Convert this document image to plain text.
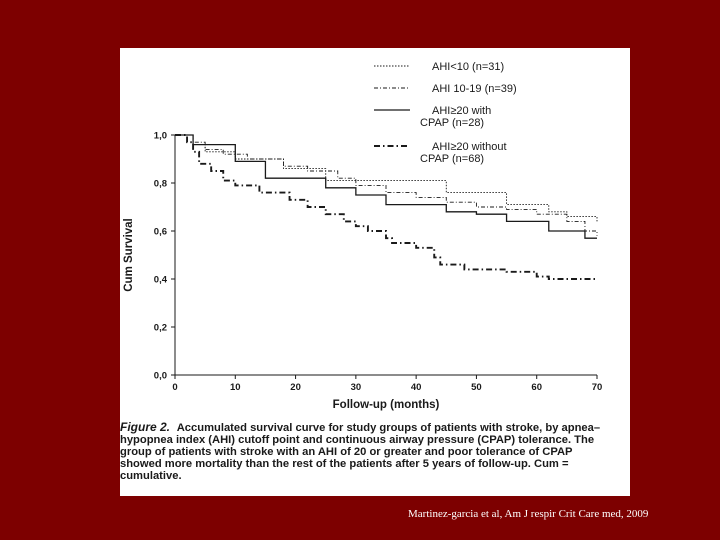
0,0
0,2
0,4
0,6
0,8
1,0
0	10	20	30	40	50	60	70
Follow-up (months)
Cum Survival
AHI<10 (n=31)
AHI 10-19 (n=39)
AHI≥20 with
CPAP (n=28)
AHI≥20 without
CPAP (n=68)
Figure 2. Accumulated survival curve for study groups of patients with stroke, by apnea–hypopnea index (AHI) cutoff point and continuous airway pressure (CPAP) tolerance. The group of patients with stroke with an AHI of 20 or greater and poor tolerance of CPAP showed more mortality than the rest of the patients after 5 years of follow-up. Cum = cumulative.
Martinez-garcia et al, Am J respir Crit Care med, 2009
